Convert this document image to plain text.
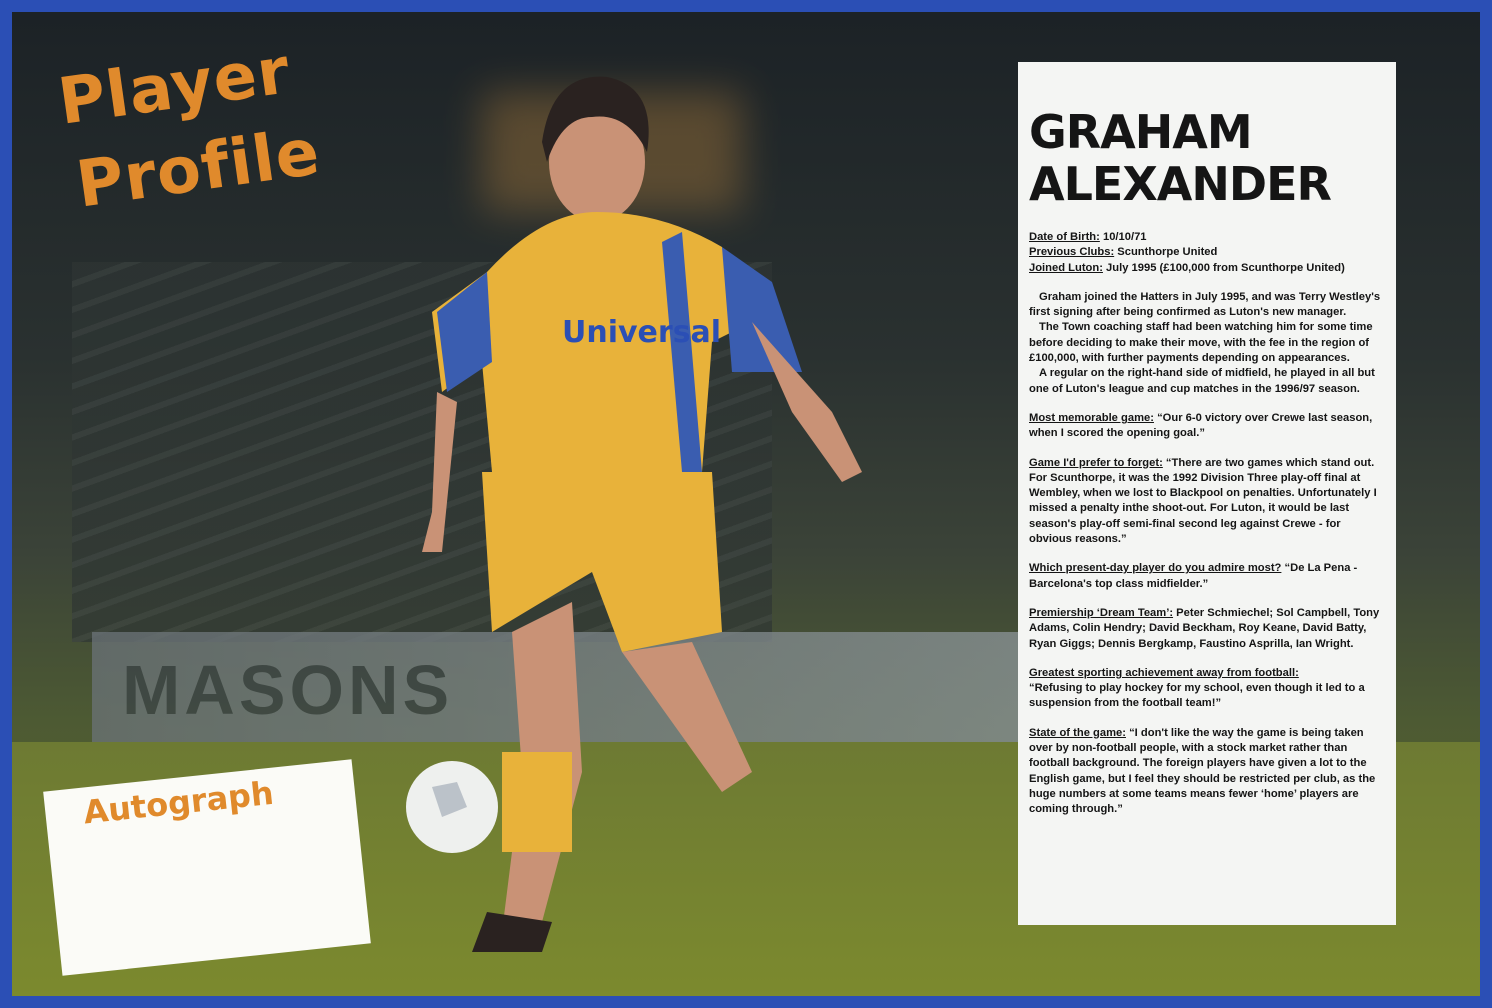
MASONS
Universal
Player
Profile
Autograph
GRAHAM
ALEXANDER

Date of Birth: 10/10/71
Previous Clubs: Scunthorpe United
Joined Luton: July 1995 (£100,000 from Scunthorpe United)

Graham joined the Hatters in July 1995, and was Terry Westley's first signing after being confirmed as Luton's new manager.

The Town coaching staff had been watching him for some time before deciding to make their move, with the fee in the region of £100,000, with further payments depending on appearances.

A regular on the right-hand side of midfield, he played in all but one of Luton's league and cup matches in the 1996/97 season.

Most memorable game: “Our 6-0 victory over Crewe last season, when I scored the opening goal.”

Game I'd prefer to forget: “There are two games which stand out. For Scunthorpe, it was the 1992 Division Three play-off final at Wembley, when we lost to Blackpool on penalties. Unfortunately I missed a penalty inthe shoot-out. For Luton, it would be last season's play-off semi-final second leg against Crewe - for obvious reasons.”

Which present-day player do you admire most? “De La Pena - Barcelona's top class midfielder.”

Premiership ‘Dream Team’: Peter Schmiechel; Sol Campbell, Tony Adams, Colin Hendry; David Beckham, Roy Keane, David Batty, Ryan Giggs; Dennis Bergkamp, Faustino Asprilla, Ian Wright.

Greatest sporting achievement away from football:
“Refusing to play hockey for my school, even though it led to a suspension from the football team!”

State of the game: “I don't like the way the game is being taken over by non-football people, with a stock market rather than football background. The foreign players have given a lot to the English game, but I feel they should be restricted per club, as the huge numbers at some teams means fewer ‘home’ players are coming through.”
